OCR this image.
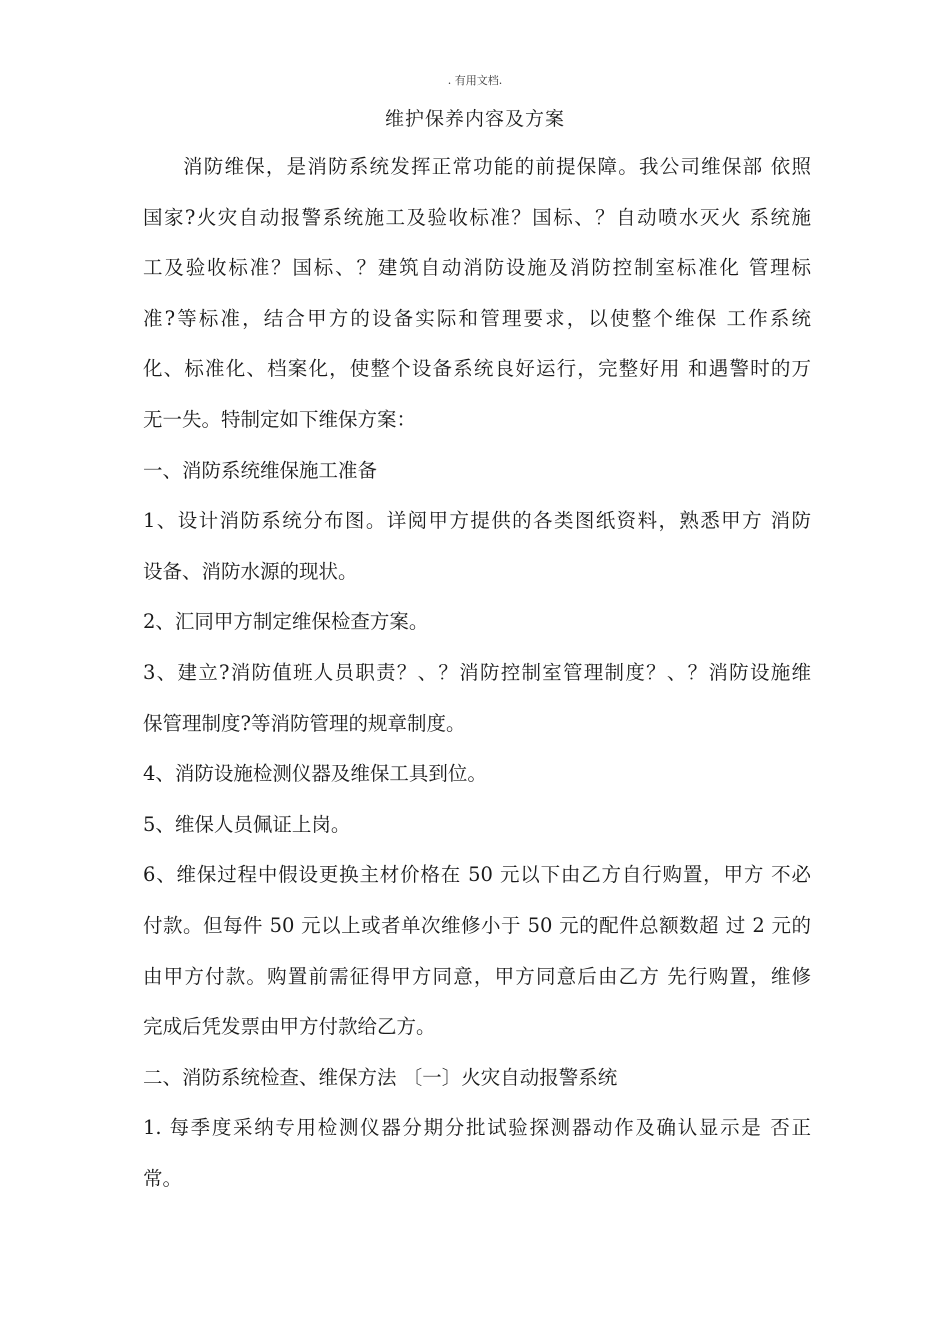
. 有用文档.
维护保养内容及方案
消防维保，是消防系统发挥正常功能的前提保障。我公司维保部 依照
国家?火灾自动报警系统施工及验收标准？国标、？自动喷水灭火 系统施
工及验收标准？国标、？建筑自动消防设施及消防控制室标准化 管理标
准?等标准，结合甲方的设备实际和管理要求，以使整个维保 工作系统
化、标准化、档案化，使整个设备系统良好运行，完整好用 和遇警时的万
无一失。特制定如下维保方案：
一、消防系统维保施工准备
1、设计消防系统分布图。详阅甲方提供的各类图纸资料，熟悉甲方 消防
设备、消防水源的现状。
2、汇同甲方制定维保检查方案。
3、建立?消防值班人员职责？、？消防控制室管理制度？、？消防设施维
保管理制度?等消防管理的规章制度。
4、消防设施检测仪器及维保工具到位。
5、维保人员佩证上岗。
6、维保过程中假设更换主材价格在 50 元以下由乙方自行购置，甲方 不必
付款。但每件 50 元以上或者单次维修小于 50 元的配件总额数超 过 2 元的
由甲方付款。购置前需征得甲方同意，甲方同意后由乙方 先行购置，维修
完成后凭发票由甲方付款给乙方。
二、消防系统检查、维保方法 〔一〕火灾自动报警系统
1. 每季度采纳专用检测仪器分期分批试验探测器动作及确认显示是 否正
常。
